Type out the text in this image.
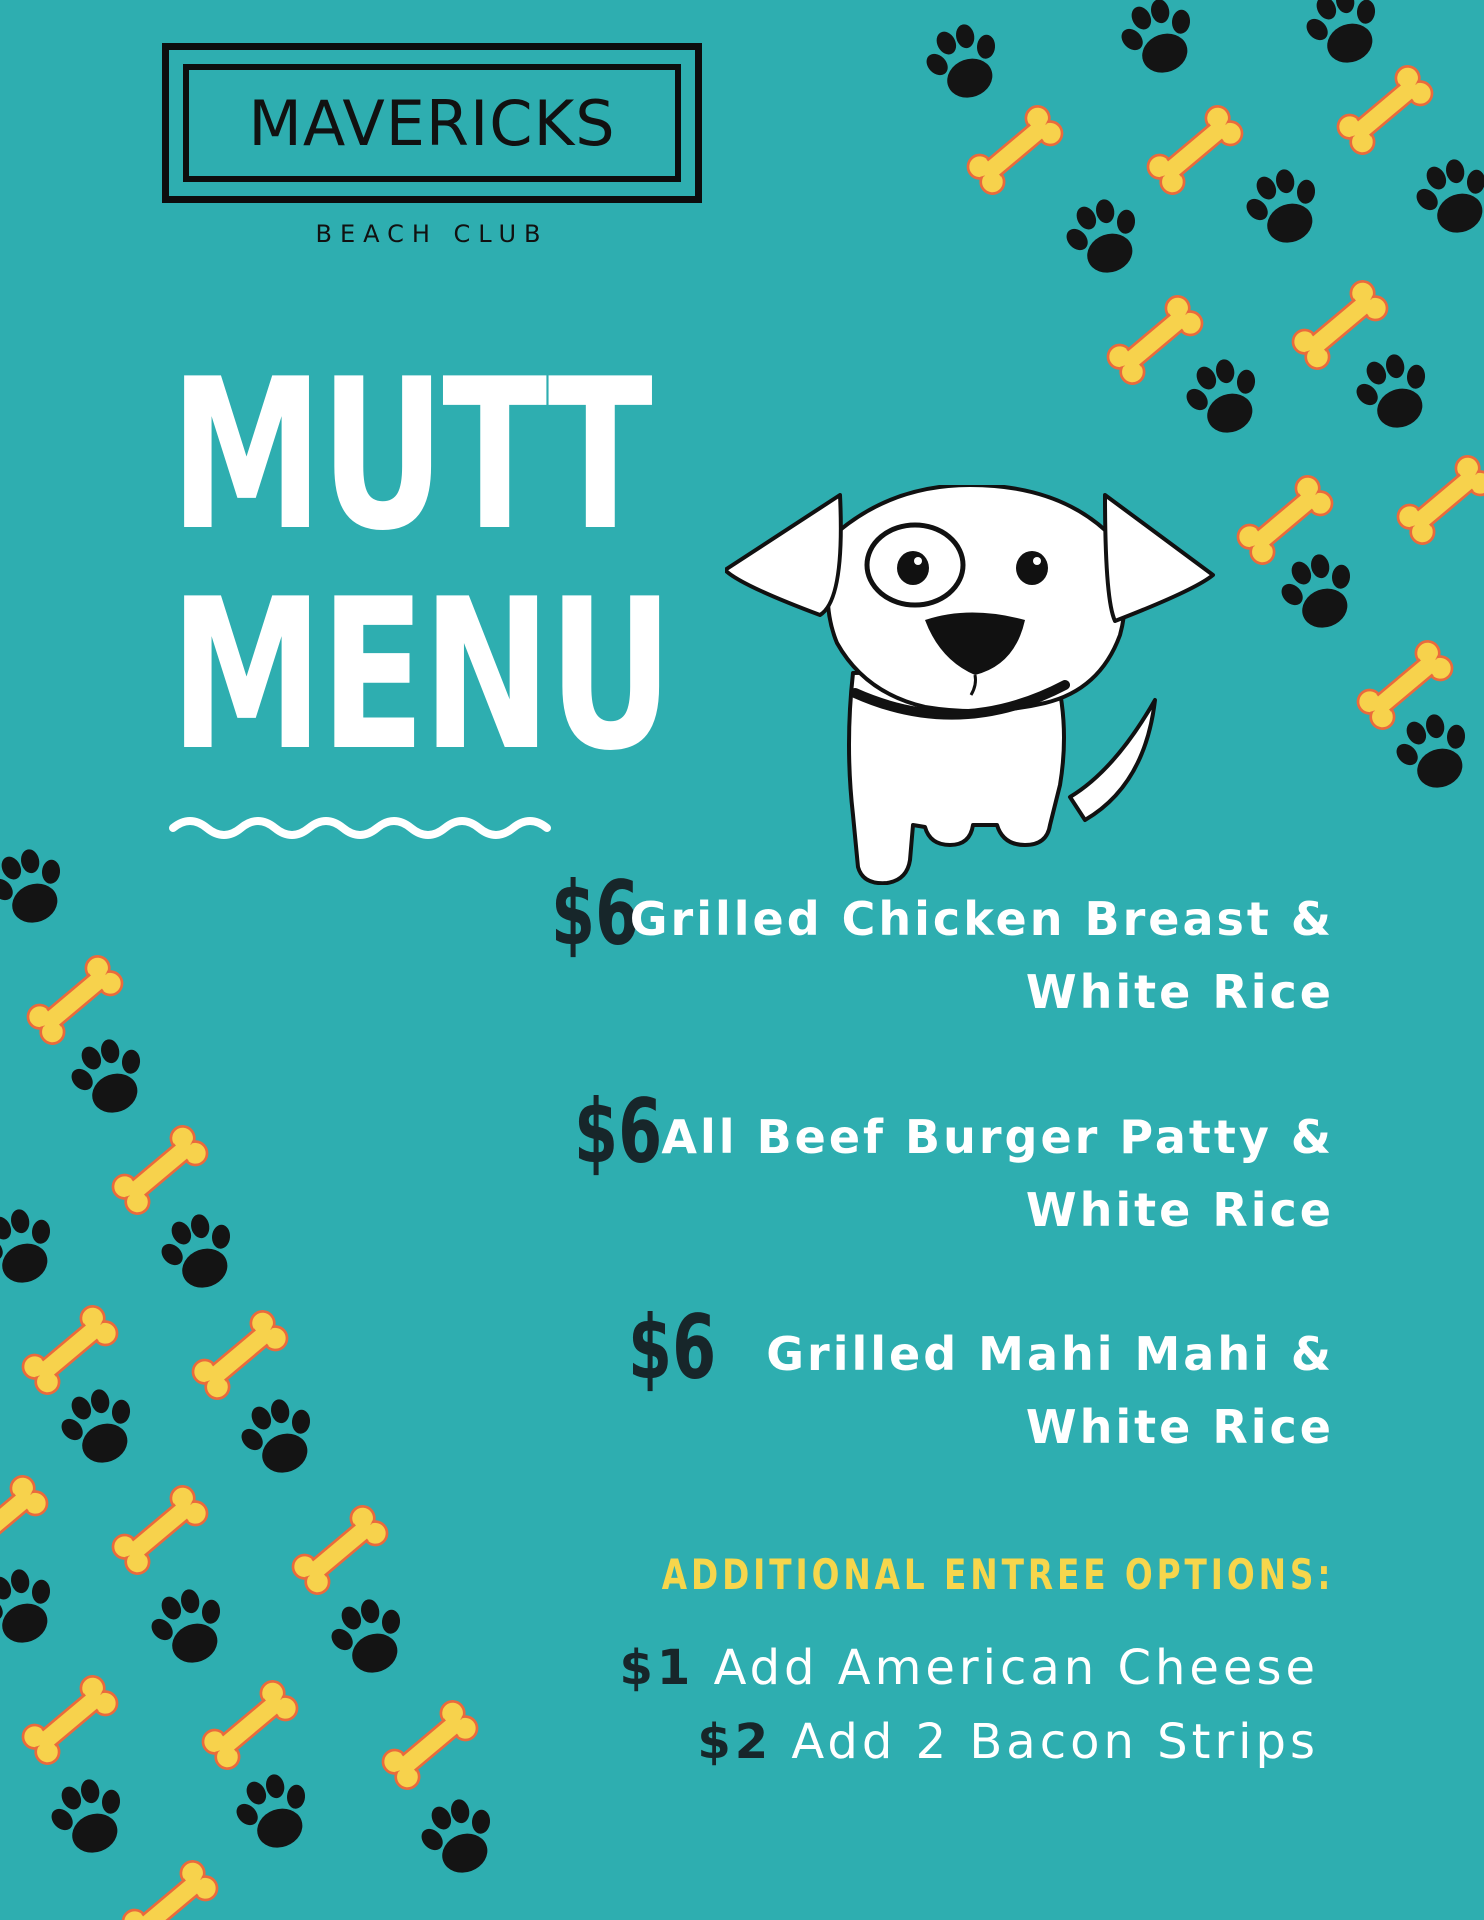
MAVERICKS
BEACH CLUB
MUTT
MENU
$6
Grilled Chicken Breast &
White Rice
$6 All Beef Burger Patty &
White Rice
$6 Grilled Mahi Mahi &
White Rice
ADDITIONAL ENTREE OPTIONS:
$1 Add American Cheese
$2 Add 2 Bacon Strips
